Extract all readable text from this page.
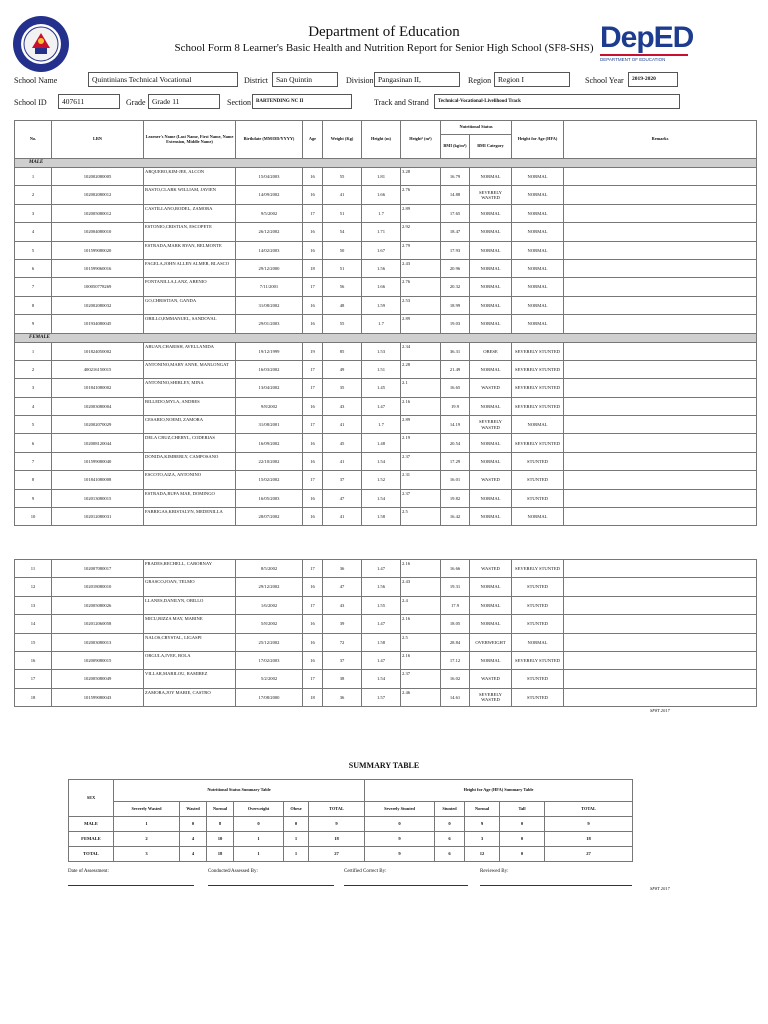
DepED
DEPARTMENT OF EDUCATION
Department of Education
School Form 8 Learner's Basic Health and Nutrition Report for Senior High School (SF8-SHS)
School Name	Quintinians Technical Vocational	District	San Quintin	Division Pangasinan II,	Region Region I	School Year	2019-2020
School ID	407611	Grade Grade 11	Section	BARTENDING NC II	Track and Strand	Technical-Vocational-Livelihood Track
No.	LRN	Learner's Name (Last Name, First Name, Name Extension, Middle Name)	Birthdate (MM/DD/YYYY)	Age	Weight (Kg)	Height (m)	Height² (m²)	Nutritional Status		Height for Age (HFA)	Remarks
								BMI (kg/m²)	BMI Category		
MALE											
1	102002080005	ARQUERO,KIM-JEE, ALCON	15/04/2003	16	55	1.81	3.28	16.79	NORMAL	NORMAL	
2	102002080012	BASTO,CLARK WILLIAM, JAVIEN	14/09/2002	16	41	1.66	2.76	14.88	SEVERELY WASTED	NORMAL	
3	102005080012	CASTILLANO,RODEL, ZAMORA	9/5/2002	17	51	1.7	2.89	17.65	NORMAL	NORMAL	
4	102004080010	ESTONIO,CRISTIAN, ESCOPETE	26/12/2002	16	54	1.71	2.92	18.47	NORMAL	NORMAL	
5	101599080020	ESTRADA,MARK RYAN, BELMONTE	14/02/2003	16	50	1.67	2.79	17.93	NORMAL	NORMAL	
6	101599060016	FAGELA,JOHN ALLEN ALMER, BLASCO	29/12/2000	18	51	1.56	2.43	20.96	NORMAL	NORMAL	
7	100050778269	FONTANILLA,LANZ, ABENIO	7/11/2001	17	56	1.66	2.76	20.32	NORMAL	NORMAL	
8	102002080032	GO,CHRISTIAN, GANDA	31/08/2002	16	48	1.59	2.53	18.99	NORMAL	NORMAL	
9	101934080045	OBILLO,EMMANUEL, SANDOVAL	29/01/2003	16	55	1.7	2.89	19.03	NORMAL	NORMAL	
FEMALE											
1	101824050002	ABUAN,CHARISH, AVELLANIDA	19/12/1999	19	85	1.53	2.34	36.31	OBESE	SEVERELY STUNTED	
2	400216150015	ANTONINO,MARY ANNE, MANLONGAT	16/03/2002	17	49	1.51	2.28	21.49	NORMAL	SEVERELY STUNTED	
3	101841080002	ANTONINO,SHIRLEY, MINA	13/04/2002	17	35	1.45	2.1	16.65	WASTED	SEVERELY STUNTED	
4	102003080004	BILLEDO,MYLA, ANDRES	9/8/2002	16	43	1.47	2.16	19.9	NORMAL	SEVERELY STUNTED	
5	102002070029	CESARIO,NOEMI, ZAMORA	31/08/2001	17	41	1.7	2.89	14.19	SEVERELY WASTED	NORMAL	
6	102008120044	DELA CRUZ,CHERYL, CODERIAS	16/09/2002	16	45	1.48	2.19	20.54	NORMAL	SEVERELY STUNTED	
7	101599080040	DONIDA,KIMBERLY, CAMPOSANO	22/10/2002	16	41	1.54	2.37	17.29	NORMAL	STUNTED	
8	101841080008	ESCOTO,AIZA, ANTONINO	15/02/2002	17	37	1.52	2.31	16.01	WASTED	STUNTED	
9	102013080015	ESTRADA,RUFA MAE, DOMINGO	16/05/2003	16	47	1.54	2.37	19.82	NORMAL	STUNTED	
10	102012080031	FABRIGAS,KRISTALYN, MEDENILLA	28/07/2002	16	41	1.58	2.5	16.42	NORMAL	NORMAL	
11	102007080017	FRADES,RECHELL, CABORNAY	8/5/2002	17	36	1.47	2.16	16.66	WASTED	SEVERELY STUNTED	
12	102018080010	GRASCO,JOAN, TELMO	29/12/2002	16	47	1.56	2.43	19.31	NORMAL	STUNTED	
13	102005080026	LLANES,DANILYN, OBILLO	1/6/2002	17	43	1.55	2.4	17.9	NORMAL	STUNTED	
14	102012060058	MICU,RIZZA MAY, MARINE	5/8/2002	16	39	1.47	2.16	18.05	NORMAL	STUNTED	
15	102003080013	NALOS,CRYSTAL, LIGASPI	25/12/2002	16	72	1.58	2.5	28.84	OVERWEIGHT	NORMAL	
16	102009080015	ORGULA,IVEE, BOLA	17/02/2003	16	37	1.47	2.16	17.12	NORMAL	SEVERELY STUNTED	
17	102005080049	VILLAR,MARILOU, RAMIREZ	5/2/2002	17	38	1.54	2.37	16.02	WASTED	STUNTED	
18	101599080043	ZAMORA,JOY MARIE, CASTRO	17/08/2000	18	36	1.57	2.46	14.61	SEVERELY WASTED	STUNTED	
SF8T 2017
SUMMARY TABLE
SEX	Nutritional Status Summary Table						Height for Age (HFA) Summary Table				
	Severely Wasted	Wasted	Normal	Overweight	Obese	TOTAL	Severely Stunted	Stunted	Normal	Tall	TOTAL
MALE	1	0	8	0	0	9	0	0	9	0	9
FEMALE	2	4	10	1	1	18	9	6	3	0	18
TOTAL	3	4	18	1	1	27	9	6	12	0	27
Date of Assessment:	Conducted/Assessed By:	Certified Correct By:	Reviewed By:
SF8T 2017
